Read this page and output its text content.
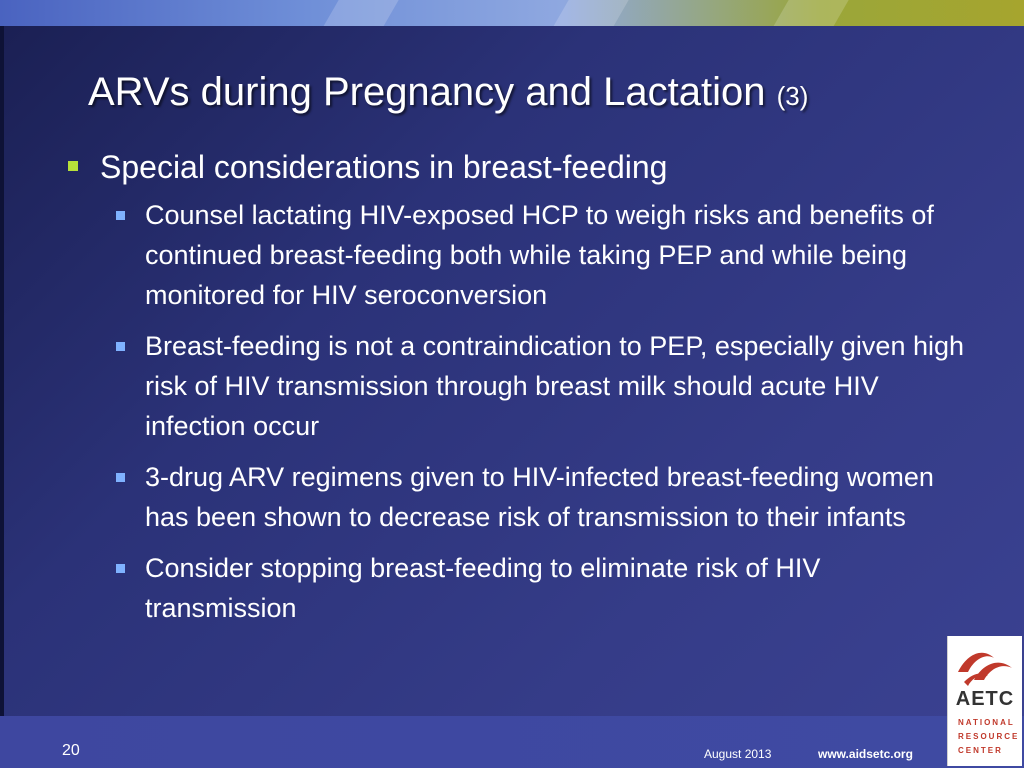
ARVs during Pregnancy and Lactation (3)
Special considerations in breast-feeding
Counsel lactating HIV-exposed HCP to weigh risks and benefits of continued breast-feeding both while taking PEP and while being monitored for HIV seroconversion
Breast-feeding is not a contraindication to PEP, especially given high risk of HIV transmission through breast milk should acute HIV infection occur
3-drug ARV regimens given to HIV-infected breast-feeding women has been shown to decrease risk of transmission to their infants
Consider stopping breast-feeding to eliminate risk of HIV transmission
20	August 2013	www.aidsetc.org
AETC
NATIONAL
RESOURCE
CENTER
